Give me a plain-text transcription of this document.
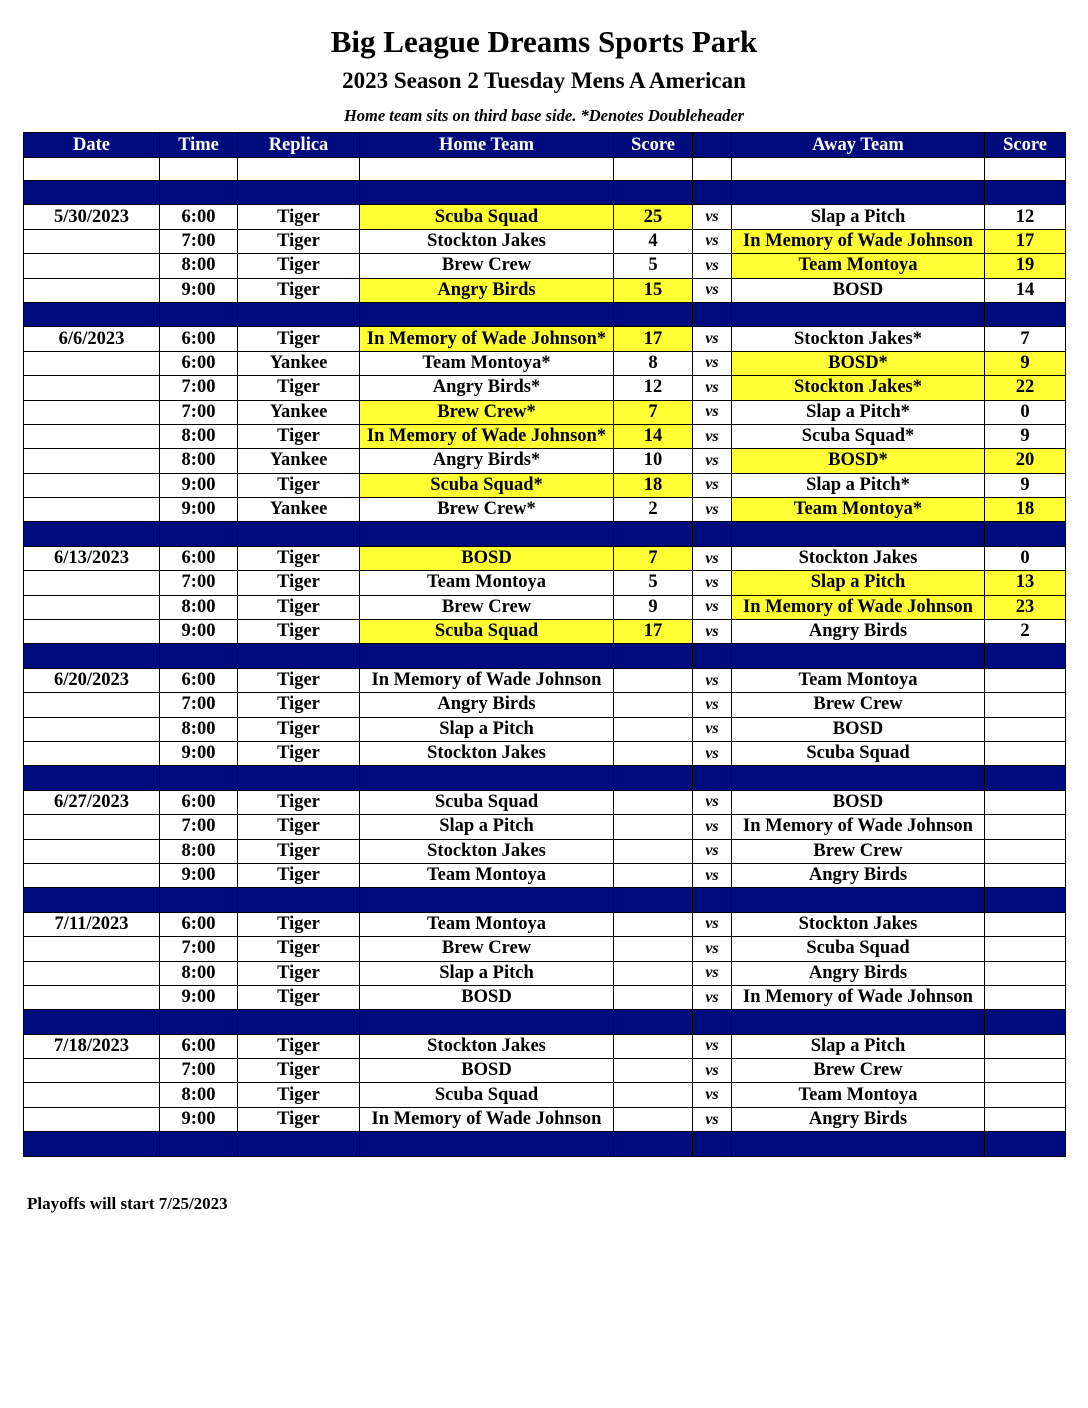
Big League Dreams Sports Park
2023 Season 2 Tuesday Mens A American
Home team sits on third base side. *Denotes Doubleheader
Date	Time	Replica	Home Team	Score		Away Team	Score

5/30/2023	6:00	Tiger	Scuba Squad	25	vs	Slap a Pitch	12
	7:00	Tiger	Stockton Jakes	4	vs	In Memory of Wade Johnson	17
	8:00	Tiger	Brew Crew	5	vs	Team Montoya	19
	9:00	Tiger	Angry Birds	15	vs	BOSD	14

6/6/2023	6:00	Tiger	In Memory of Wade Johnson*	17	vs	Stockton Jakes*	7
	6:00	Yankee	Team Montoya*	8	vs	BOSD*	9
	7:00	Tiger	Angry Birds*	12	vs	Stockton Jakes*	22
	7:00	Yankee	Brew Crew*	7	vs	Slap a Pitch*	0
	8:00	Tiger	In Memory of Wade Johnson*	14	vs	Scuba Squad*	9
	8:00	Yankee	Angry Birds*	10	vs	BOSD*	20
	9:00	Tiger	Scuba Squad*	18	vs	Slap a Pitch*	9
	9:00	Yankee	Brew Crew*	2	vs	Team Montoya*	18

6/13/2023	6:00	Tiger	BOSD	7	vs	Stockton Jakes	0
	7:00	Tiger	Team Montoya	5	vs	Slap a Pitch	13
	8:00	Tiger	Brew Crew	9	vs	In Memory of Wade Johnson	23
	9:00	Tiger	Scuba Squad	17	vs	Angry Birds	2

6/20/2023	6:00	Tiger	In Memory of Wade Johnson		vs	Team Montoya	
	7:00	Tiger	Angry Birds		vs	Brew Crew	
	8:00	Tiger	Slap a Pitch		vs	BOSD	
	9:00	Tiger	Stockton Jakes		vs	Scuba Squad	

6/27/2023	6:00	Tiger	Scuba Squad		vs	BOSD	
	7:00	Tiger	Slap a Pitch		vs	In Memory of Wade Johnson	
	8:00	Tiger	Stockton Jakes		vs	Brew Crew	
	9:00	Tiger	Team Montoya		vs	Angry Birds	

7/11/2023	6:00	Tiger	Team Montoya		vs	Stockton Jakes	
	7:00	Tiger	Brew Crew		vs	Scuba Squad	
	8:00	Tiger	Slap a Pitch		vs	Angry Birds	
	9:00	Tiger	BOSD		vs	In Memory of Wade Johnson	

7/18/2023	6:00	Tiger	Stockton Jakes		vs	Slap a Pitch	
	7:00	Tiger	BOSD		vs	Brew Crew	
	8:00	Tiger	Scuba Squad		vs	Team Montoya	
	9:00	Tiger	In Memory of Wade Johnson		vs	Angry Birds	

Playoffs will start 7/25/2023
